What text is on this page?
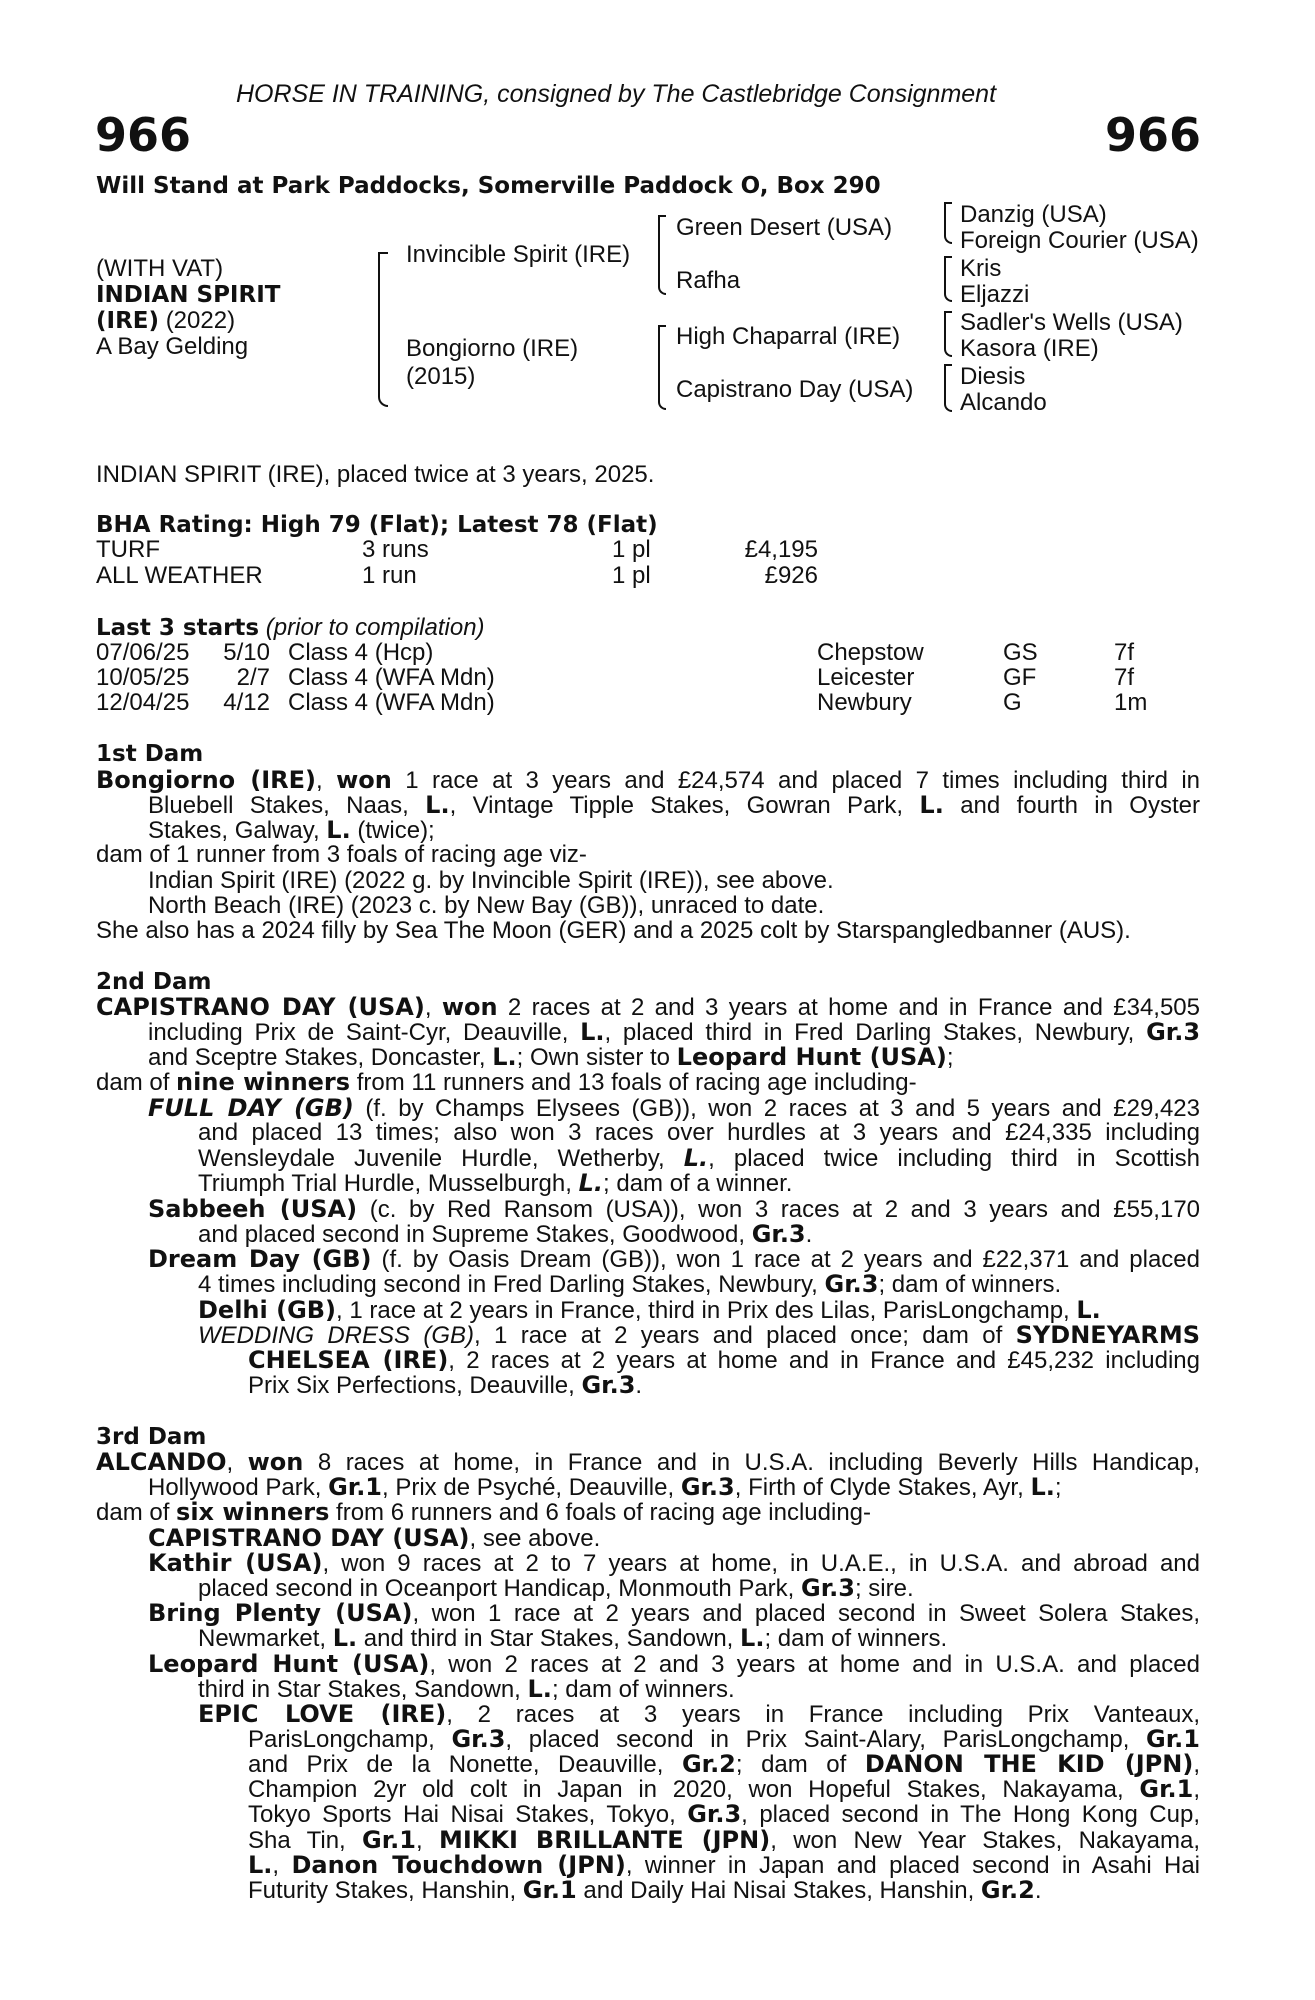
HORSE IN TRAINING, consigned by The Castlebridge Consignment
966	966
Will Stand at Park Paddocks, Somerville Paddock O, Box 290
(WITH VAT)
INDIAN SPIRIT
(IRE) (2022)
A Bay Gelding
Invincible Spirit (IRE)
Bongiorno (IRE)
(2015)
Green Desert (USA)
Rafha
High Chaparral (IRE)
Capistrano Day (USA)
Danzig (USA)
Foreign Courier (USA)
Kris
Eljazzi
Sadler's Wells (USA)
Kasora (IRE)
Diesis
Alcando
INDIAN SPIRIT (IRE), placed twice at 3 years, 2025.
BHA Rating: High 79 (Flat); Latest 78 (Flat)
TURF	3 runs	1 pl	£4,195
ALL WEATHER	1 run	1 pl	£926
Last 3 starts (prior to compilation)
07/06/25 5/10 Class 4 (Hcp)	Chepstow	GS	7f
10/05/25	2/7 Class 4 (WFA Mdn)	Leicester	GF	7f
12/04/25 4/12 Class 4 (WFA Mdn)	Newbury	G	1m
1st Dam
Bongiorno (IRE), won 1 race at 3 years and £24,574 and placed 7 times including third in
Bluebell Stakes, Naas, L., Vintage Tipple Stakes, Gowran Park, L. and fourth in Oyster
Stakes, Galway, L. (twice);
dam of 1 runner from 3 foals of racing age viz-
Indian Spirit (IRE) (2022 g. by Invincible Spirit (IRE)), see above.
North Beach (IRE) (2023 c. by New Bay (GB)), unraced to date.
She also has a 2024 filly by Sea The Moon (GER) and a 2025 colt by Starspangledbanner (AUS).
2nd Dam
CAPISTRANO DAY (USA), won 2 races at 2 and 3 years at home and in France and £34,505
including Prix de Saint-Cyr, Deauville, L., placed third in Fred Darling Stakes, Newbury, Gr.3
and Sceptre Stakes, Doncaster, L.; Own sister to Leopard Hunt (USA);
dam of nine winners from 11 runners and 13 foals of racing age including-
FULL DAY (GB) (f. by Champs Elysees (GB)), won 2 races at 3 and 5 years and £29,423
and placed 13 times; also won 3 races over hurdles at 3 years and £24,335 including
Wensleydale Juvenile Hurdle, Wetherby, L., placed twice including third in Scottish
Triumph Trial Hurdle, Musselburgh, L.; dam of a winner.
Sabbeeh (USA) (c. by Red Ransom (USA)), won 3 races at 2 and 3 years and £55,170
and placed second in Supreme Stakes, Goodwood, Gr.3.
Dream Day (GB) (f. by Oasis Dream (GB)), won 1 race at 2 years and £22,371 and placed
4 times including second in Fred Darling Stakes, Newbury, Gr.3; dam of winners.
Delhi (GB), 1 race at 2 years in France, third in Prix des Lilas, ParisLongchamp, L.
WEDDING DRESS (GB), 1 race at 2 years and placed once; dam of SYDNEYARMS
CHELSEA (IRE), 2 races at 2 years at home and in France and £45,232 including
Prix Six Perfections, Deauville, Gr.3.
3rd Dam
ALCANDO, won 8 races at home, in France and in U.S.A. including Beverly Hills Handicap,
Hollywood Park, Gr.1, Prix de Psyché, Deauville, Gr.3, Firth of Clyde Stakes, Ayr, L.;
dam of six winners from 6 runners and 6 foals of racing age including-
CAPISTRANO DAY (USA), see above.
Kathir (USA), won 9 races at 2 to 7 years at home, in U.A.E., in U.S.A. and abroad and
placed second in Oceanport Handicap, Monmouth Park, Gr.3; sire.
Bring Plenty (USA), won 1 race at 2 years and placed second in Sweet Solera Stakes,
Newmarket, L. and third in Star Stakes, Sandown, L.; dam of winners.
Leopard Hunt (USA), won 2 races at 2 and 3 years at home and in U.S.A. and placed
third in Star Stakes, Sandown, L.; dam of winners.
EPIC LOVE (IRE), 2 races at 3 years in France including Prix Vanteaux,
ParisLongchamp, Gr.3, placed second in Prix Saint-Alary, ParisLongchamp, Gr.1
and Prix de la Nonette, Deauville, Gr.2; dam of DANON THE KID (JPN),
Champion 2yr old colt in Japan in 2020, won Hopeful Stakes, Nakayama, Gr.1,
Tokyo Sports Hai Nisai Stakes, Tokyo, Gr.3, placed second in The Hong Kong Cup,
Sha Tin, Gr.1, MIKKI BRILLANTE (JPN), won New Year Stakes, Nakayama,
L., Danon Touchdown (JPN), winner in Japan and placed second in Asahi Hai
Futurity Stakes, Hanshin, Gr.1 and Daily Hai Nisai Stakes, Hanshin, Gr.2.
